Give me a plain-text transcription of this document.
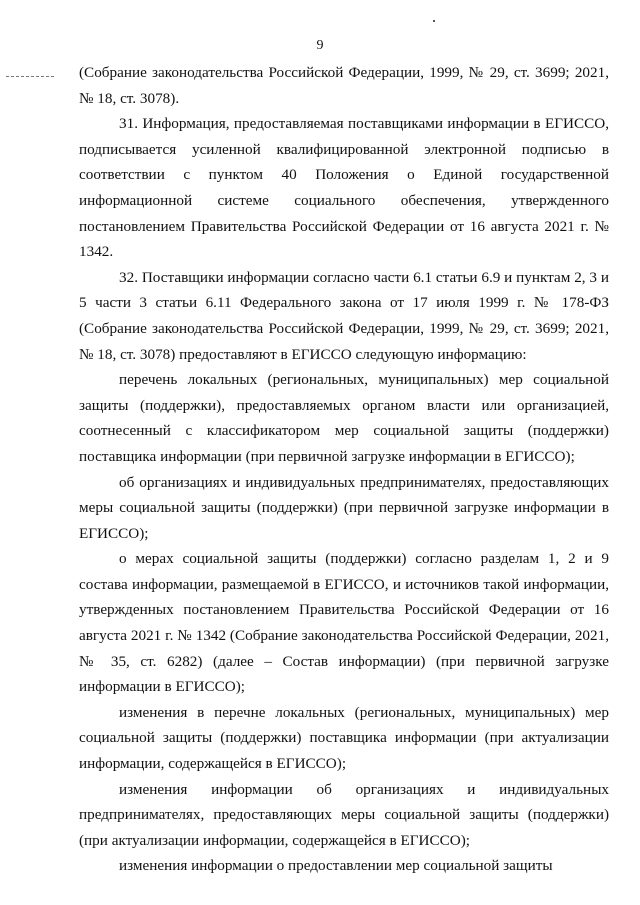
9

(Собрание законодательства Российской Федерации, 1999, № 29, ст. 3699; 2021, № 18, ст. 3078).

31. Информация, предоставляемая поставщиками информации в ЕГИССО, подписывается усиленной квалифицированной электронной подписью в соответствии с пунктом 40 Положения о Единой государственной информационной системе социального обеспечения, утвержденного постановлением Правительства Российской Федерации от 16 августа 2021 г. № 1342.

32. Поставщики информации согласно части 6.1 статьи 6.9 и пунктам 2, 3 и 5 части 3 статьи 6.11 Федерального закона от 17 июля 1999 г. № 178-ФЗ (Собрание законодательства Российской Федерации, 1999, № 29, ст. 3699; 2021, № 18, ст. 3078) предоставляют в ЕГИССО следующую информацию:

перечень локальных (региональных, муниципальных) мер социальной защиты (поддержки), предоставляемых органом власти или организацией, соотнесенный с классификатором мер социальной защиты (поддержки) поставщика информации (при первичной загрузке информации в ЕГИССО);

об организациях и индивидуальных предпринимателях, предоставляющих меры социальной защиты (поддержки) (при первичной загрузке информации в ЕГИССО);

о мерах социальной защиты (поддержки) согласно разделам 1, 2 и 9 состава информации, размещаемой в ЕГИССО, и источников такой информации, утвержденных постановлением Правительства Российской Федерации от 16 августа 2021 г. № 1342 (Собрание законодательства Российской Федерации, 2021, № 35, ст. 6282) (далее – Состав информации) (при первичной загрузке информации в ЕГИССО);

изменения в перечне локальных (региональных, муниципальных) мер социальной защиты (поддержки) поставщика информации (при актуализации информации, содержащейся в ЕГИССО);

изменения информации об организациях и индивидуальных предпринимателях, предоставляющих меры социальной защиты (поддержки) (при актуализации информации, содержащейся в ЕГИССО);

изменения информации о предоставлении мер социальной защиты
